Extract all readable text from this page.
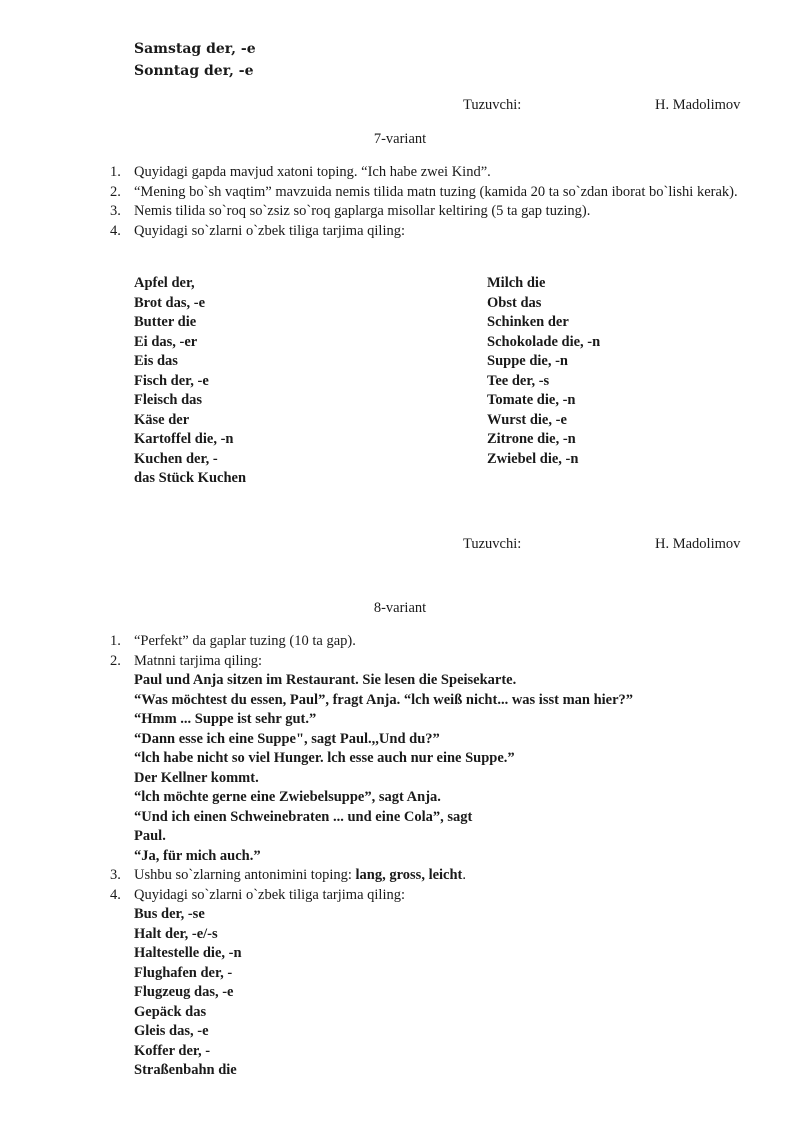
Samstag der, -e
Sonntag der, -e
Tuzuvchi:	H. Madolimov
7-variant
1. Quyidagi gapda mavjud xatoni toping. “Ich habe zwei Kind”.
2. “Mening bo`sh vaqtim” mavzuida nemis tilida matn tuzing (kamida 20 ta so`zdan iborat bo`lishi kerak).
3. Nemis tilida so`roq so`zsiz so`roq gaplarga misollar keltiring (5 ta gap tuzing).
4. Quyidagi so`zlarni o`zbek tiliga tarjima qiling:
Apfel der,
Brot das, -e
Butter die
Ei das, -er
Eis das
Fisch der, -e
Fleisch das
Käse der
Kartoffel die, -n
Kuchen der, -
das Stück Kuchen
Milch die
Obst das
Schinken der
Schokolade die, -n
Suppe die, -n
Tee der, -s
Tomate die, -n
Wurst die, -e
Zitrone die, -n
Zwiebel die, -n
Tuzuvchi:	H. Madolimov
8-variant
1. “Perfekt” da gaplar tuzing (10 ta gap).
2. Matnni tarjima qiling:
Paul und Anja sitzen im Restaurant. Sie lesen die Speisekarte.
“Was möchtest du essen, Paul”, fragt Anja. “lch weiß nicht... was isst man hier?”
“Hmm ... Suppe ist sehr gut.”
“Dann esse ich eine Suppe", sagt Paul.,,Und du?”
“lch habe nicht so viel Hunger. lch esse auch nur eine Suppe.”
Der Kellner kommt.
“lch möchte gerne eine Zwiebelsuppe”, sagt Anja.
“Und ich einen Schweinebraten ... und eine Cola”, sagt
Paul.
“Ja, für mich auch.”
3. Ushbu so`zlarning antonimini toping: lang, gross, leicht.
4. Quyidagi so`zlarni o`zbek tiliga tarjima qiling:
Bus der, -se
Halt der, -e/-s
Haltestelle die, -n
Flughafen der, -
Flugzeug das, -e
Gepäck das
Gleis das, -e
Koffer der, -
Straßenbahn die
